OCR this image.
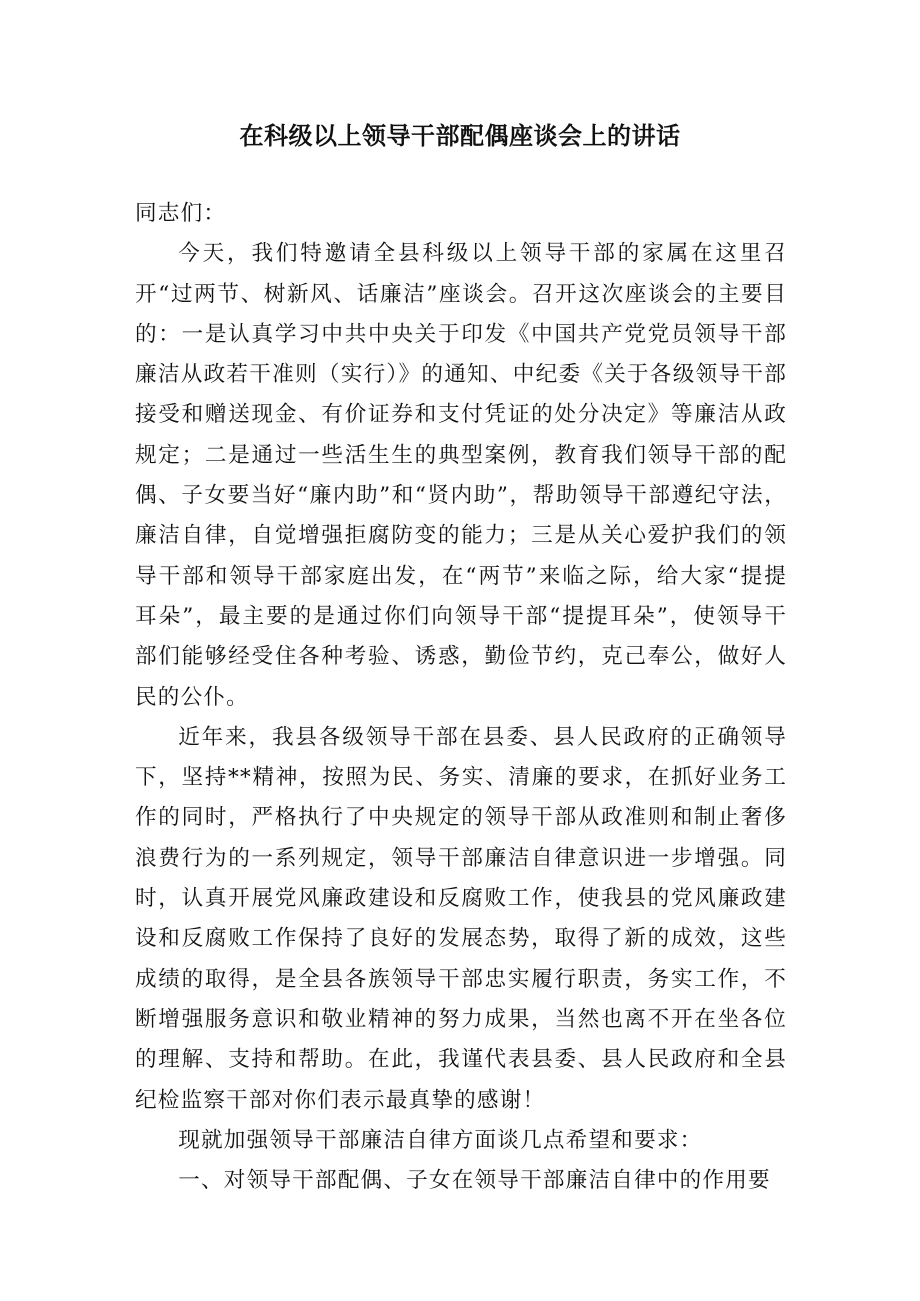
在科级以上领导干部配偶座谈会上的讲话

同志们：

今天，我们特邀请全县科级以上领导干部的家属在这里召开“过两节、树新风、话廉洁”座谈会。召开这次座谈会的主要目的：一是认真学习中共中央关于印发《中国共产党党员领导干部廉洁从政若干准则（实行）》的通知、中纪委《关于各级领导干部接受和赠送现金、有价证券和支付凭证的处分决定》等廉洁从政规定；二是通过一些活生生的典型案例，教育我们领导干部的配偶、子女要当好“廉内助”和“贤内助”，帮助领导干部遵纪守法，廉洁自律，自觉增强拒腐防变的能力；三是从关心爱护我们的领导干部和领导干部家庭出发，在“两节”来临之际，给大家“提提耳朵”，最主要的是通过你们向领导干部“提提耳朵”，使领导干部们能够经受住各种考验、诱惑，勤俭节约，克己奉公，做好人民的公仆。

近年来，我县各级领导干部在县委、县人民政府的正确领导下，坚持**精神，按照为民、务实、清廉的要求，在抓好业务工作的同时，严格执行了中央规定的领导干部从政准则和制止奢侈浪费行为的一系列规定，领导干部廉洁自律意识进一步增强。同时，认真开展党风廉政建设和反腐败工作，使我县的党风廉政建设和反腐败工作保持了良好的发展态势，取得了新的成效，这些成绩的取得，是全县各族领导干部忠实履行职责，务实工作，不断增强服务意识和敬业精神的努力成果，当然也离不开在坐各位的理解、支持和帮助。在此，我谨代表县委、县人民政府和全县纪检监察干部对你们表示最真挚的感谢！

现就加强领导干部廉洁自律方面谈几点希望和要求：

一、对领导干部配偶、子女在领导干部廉洁自律中的作用要
